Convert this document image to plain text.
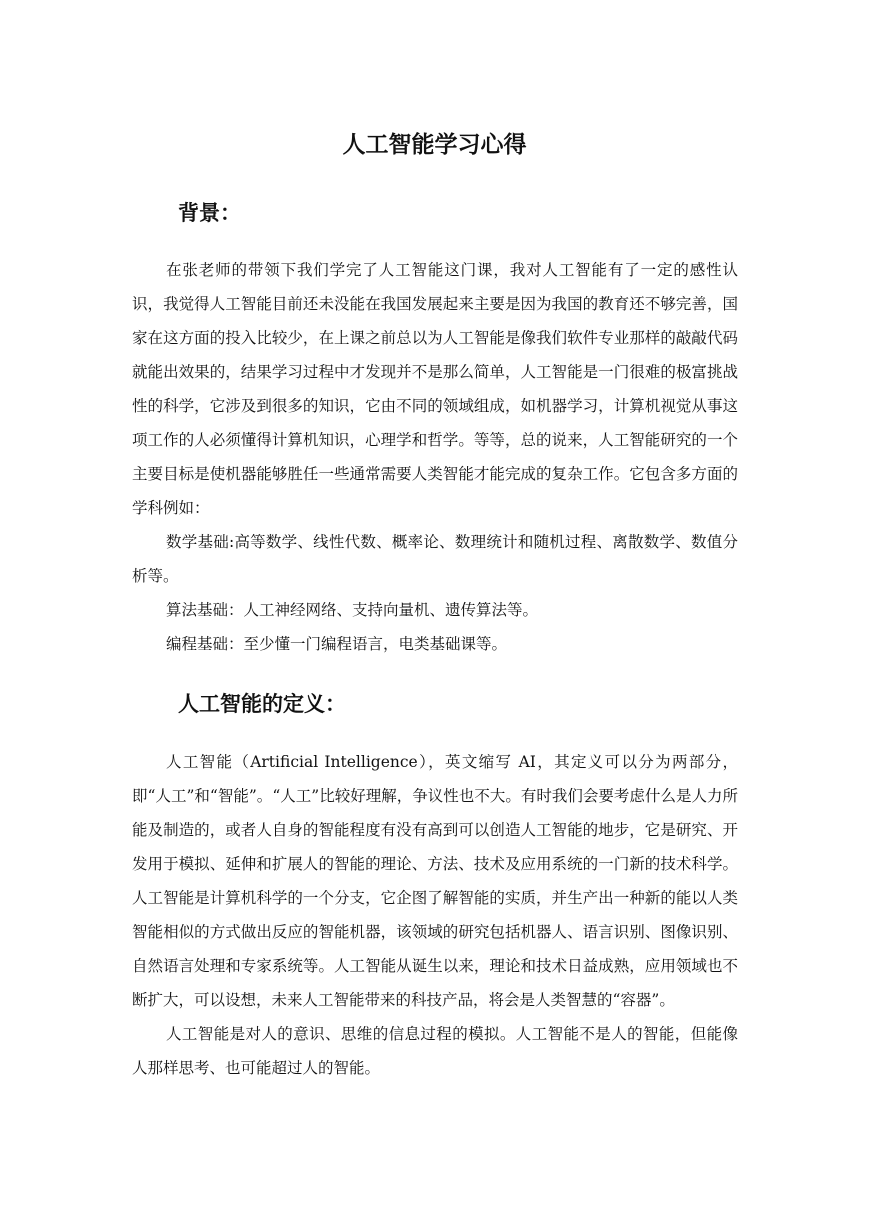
人工智能学习心得
背景：

在张老师的带领下我们学完了人工智能这门课，我对人工智能有了一定的感性认识，我觉得人工智能目前还未没能在我国发展起来主要是因为我国的教育还不够完善，国家在这方面的投入比较少，在上课之前总以为人工智能是像我们软件专业那样的敲敲代码就能出效果的，结果学习过程中才发现并不是那么简单，人工智能是一门很难的极富挑战性的科学，它涉及到很多的知识，它由不同的领域组成，如机器学习，计算机视觉从事这项工作的人必须懂得计算机知识，心理学和哲学。等等，总的说来，人工智能研究的一个主要目标是使机器能够胜任一些通常需要人类智能才能完成的复杂工作。它包含多方面的学科例如：

数学基础:高等数学、线性代数、概率论、数理统计和随机过程、离散数学、数值分析等。

算法基础：人工神经网络、支持向量机、遗传算法等。

编程基础：至少懂一门编程语言，电类基础课等。

人工智能的定义：

人工智能（Artificial Intelligence），英文缩写 AI，其定义可以分为两部分，即“人工”和“智能”。“人工”比较好理解，争议性也不大。有时我们会要考虑什么是人力所能及制造的，或者人自身的智能程度有没有高到可以创造人工智能的地步，它是研究、开发用于模拟、延伸和扩展人的智能的理论、方法、技术及应用系统的一门新的技术科学。人工智能是计算机科学的一个分支，它企图了解智能的实质，并生产出一种新的能以人类智能相似的方式做出反应的智能机器，该领域的研究包括机器人、语言识别、图像识别、自然语言处理和专家系统等。人工智能从诞生以来，理论和技术日益成熟，应用领域也不断扩大，可以设想，未来人工智能带来的科技产品，将会是人类智慧的“容器”。

人工智能是对人的意识、思维的信息过程的模拟。人工智能不是人的智能，但能像人那样思考、也可能超过人的智能。
